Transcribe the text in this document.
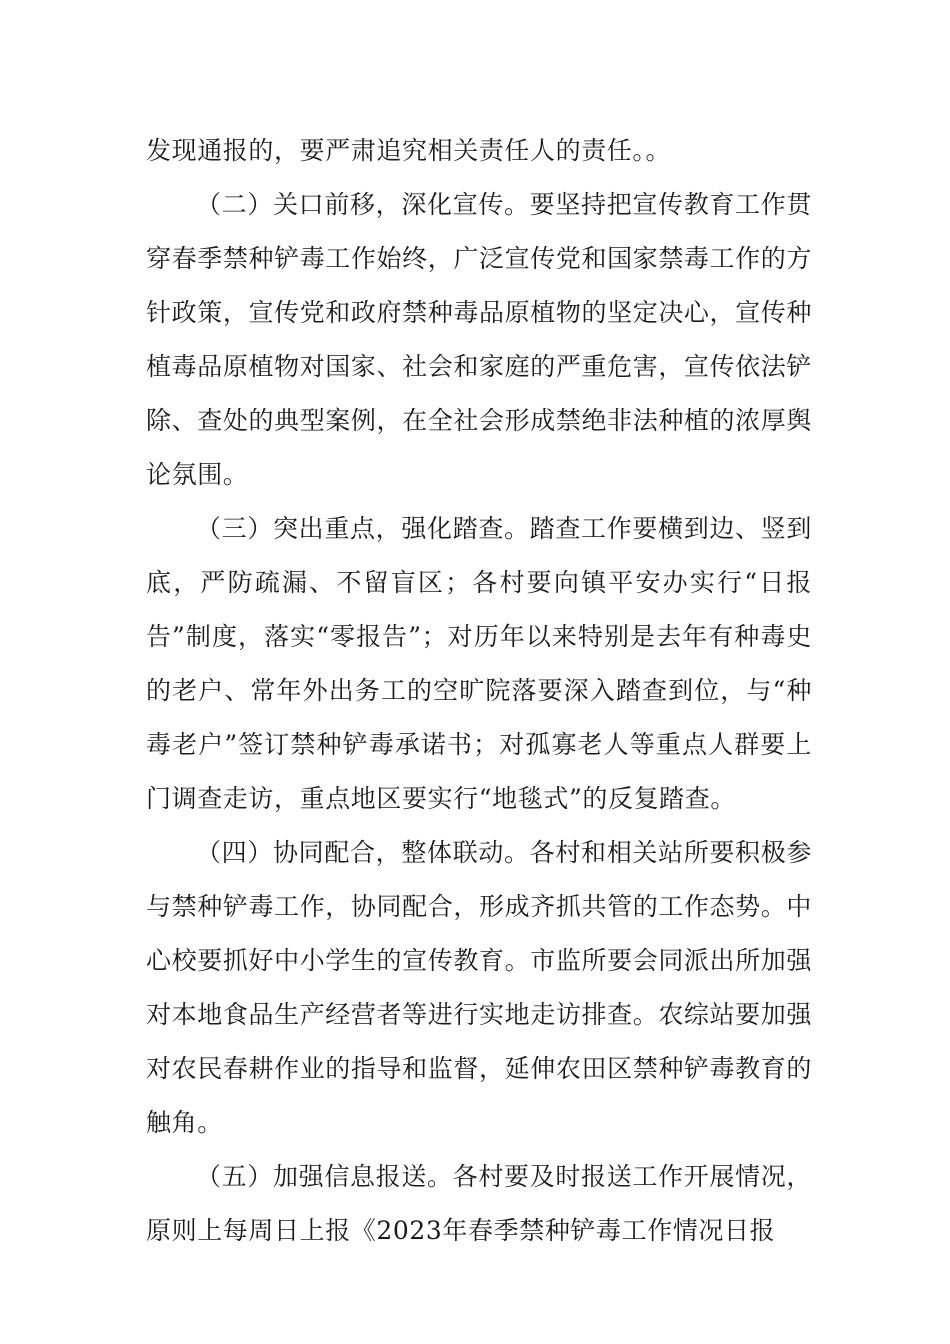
发现通报的，要严肃追究相关责任人的责任。。

（二）关口前移，深化宣传。要坚持把宣传教育工作贯穿春季禁种铲毒工作始终，广泛宣传党和国家禁毒工作的方针政策，宣传党和政府禁种毒品原植物的坚定决心，宣传种植毒品原植物对国家、社会和家庭的严重危害，宣传依法铲除、查处的典型案例，在全社会形成禁绝非法种植的浓厚舆论氛围。

（三）突出重点，强化踏查。踏查工作要横到边、竖到底，严防疏漏、不留盲区；各村要向镇平安办实行“日报告”制度，落实“零报告”；对历年以来特别是去年有种毒史的老户、常年外出务工的空旷院落要深入踏查到位，与“种毒老户”签订禁种铲毒承诺书；对孤寡老人等重点人群要上门调查走访，重点地区要实行“地毯式”的反复踏查。

（四）协同配合，整体联动。各村和相关站所要积极参与禁种铲毒工作，协同配合，形成齐抓共管的工作态势。中心校要抓好中小学生的宣传教育。市监所要会同派出所加强对本地食品生产经营者等进行实地走访排查。农综站要加强对农民春耕作业的指导和监督，延伸农田区禁种铲毒教育的触角。

（五）加强信息报送。各村要及时报送工作开展情况，原则上每周日上报《2023年春季禁种铲毒工作情况日报
